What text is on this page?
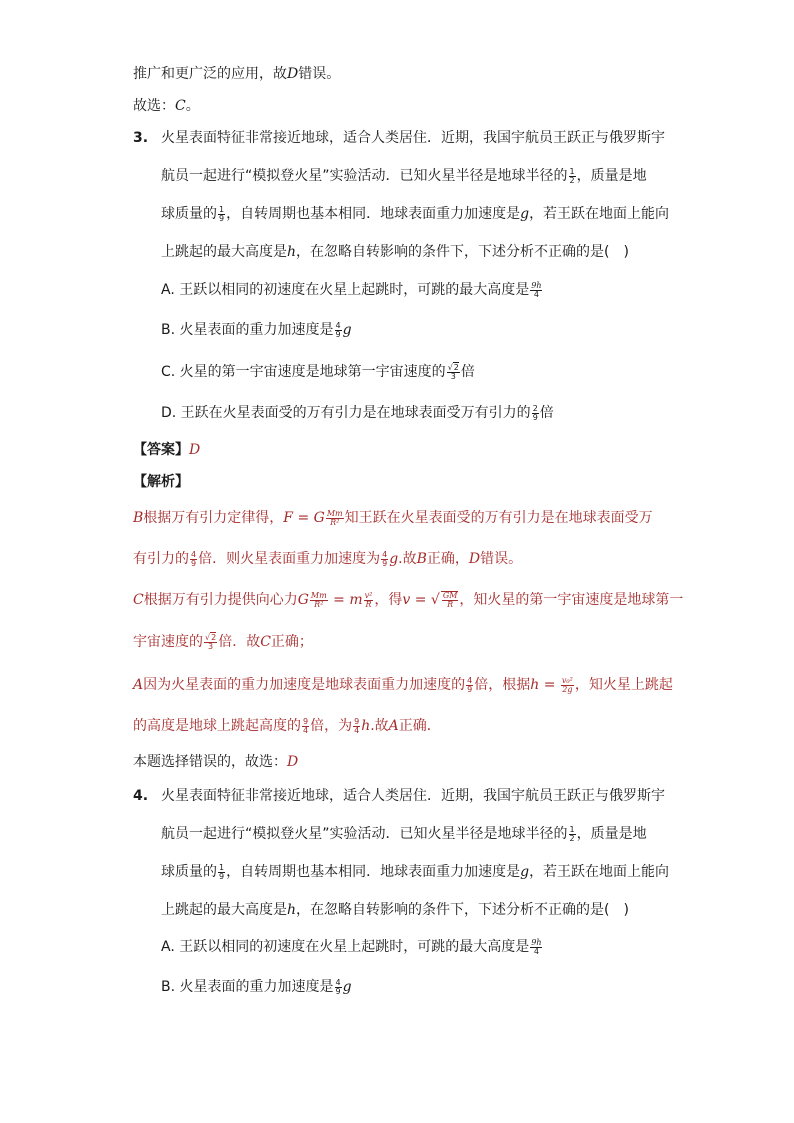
推广和更广泛的应用，故D错误。
故选：C。
3. 火星表面特征非常接近地球，适合人类居住．近期，我国宇航员王跃正与俄罗斯宇
航员一起进行“模拟登火星”实验活动．已知火星半径是地球半径的 $\frac{1}{2}$ ，质量是地
球质量的 $\frac{1}{9}$ ，自转周期也基本相同．地球表面重力加速度是g，若王跃在地面上能向
上跳起的最大高度是h，在忽略自转影响的条件下，下述分析不正确的是(　)
A. 王跃以相同的初速度在火星上起跳时，可跳的最大高度是 $\frac{9h}{4}$
B. 火星表面的重力加速度是 $\frac{4}{9}$ g
C. 火星的第一宇宙速度是地球第一宇宙速度的 $\frac{√2}{3}$ 倍
D. 王跃在火星表面受的万有引力是在地球表面受万有引力的 $\frac{2}{9}$ 倍
【答案】D
【解析】
B根据万有引力定律得，F = G $\frac{Mm}{\text{R²}}$ 知王跃在火星表面受的万有引力是在地球表面受万
有引力的 $\frac{4}{9}$ 倍．则火星表面重力加速度为 $\frac{4}{9} g$.故B正确，D错误。
C根据万有引力提供向心力G $\frac{Mm}{\text{R²}} = m \frac{\text{v²}}{R}$ ，得v = √ $\frac{GM}{R}$ ，知火星的第一宇宙速度是地球第一
宇宙速度的 $\frac{√2}{3}$ 倍．故C正确；
A因为火星表面的重力加速度是地球表面重力加速度的 $\frac{4}{9}$ 倍，根据$h = \frac{\text{v₀²}}{2g}$ ，知火星上跳起
的高度是地球上跳起高度的 $\frac{9}{4}$ 倍，为 $\frac{9}{4} h$.故A正确．
本题选择错误的，故选：D
4. 火星表面特征非常接近地球，适合人类居住．近期，我国宇航员王跃正与俄罗斯宇
航员一起进行“模拟登火星”实验活动．已知火星半径是地球半径的 $\frac{1}{2}$ ，质量是地
球质量的 $\frac{1}{9}$ ，自转周期也基本相同．地球表面重力加速度是g，若王跃在地面上能向
上跳起的最大高度是h，在忽略自转影响的条件下，下述分析不正确的是(　)
A. 王跃以相同的初速度在火星上起跳时，可跳的最大高度是 $\frac{9h}{4}$
B. 火星表面的重力加速度是 $\frac{4}{9}$ g
